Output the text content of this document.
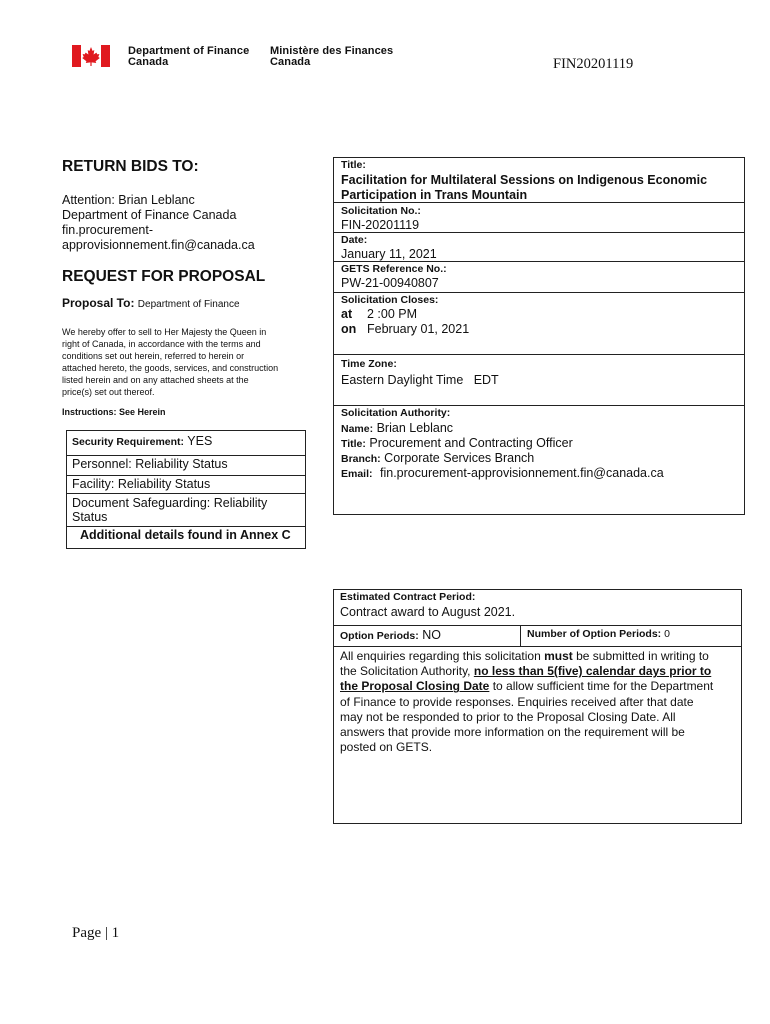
Department of Finance
Canada
Ministère des Finances
Canada	FIN20201119
RETURN BIDS TO:
Attention: Brian Leblanc
Department of Finance Canada
fin.procurement-
approvisionnement.fin@canada.ca
REQUEST FOR PROPOSAL
Proposal To: Department of Finance
We hereby offer to sell to Her Majesty the Queen in
right of Canada, in accordance with the terms and
conditions set out herein, referred to herein or
attached hereto, the goods, services, and construction
listed herein and on any attached sheets at the
price(s) set out thereof.
Instructions: See Herein
Security Requirement: YES
Personnel: Reliability Status
Facility: Reliability Status
Document Safeguarding: Reliability
Status
Additional details found in Annex C
Title:
Facilitation for Multilateral Sessions on Indigenous Economic
Participation in Trans Mountain
Solicitation No.:
FIN-20201119
Date:
January 11, 2021
GETS Reference No.:
PW-21-00940807
Solicitation Closes:
at 2 :00 PM
on February 01, 2021
Time Zone:
Eastern Daylight Time   EDT
Solicitation Authority:
Name: Brian Leblanc
Title: Procurement and Contracting Officer
Branch: Corporate Services Branch
Email: fin.procurement-approvisionnement.fin@canada.ca
Estimated Contract Period:
Contract award to August 2021.
Option Periods: NO	Number of Option Periods: 0
All enquiries regarding this solicitation must be submitted in writing to
the Solicitation Authority, no less than 5(five) calendar days prior to
the Proposal Closing Date to allow sufficient time for the Department
of Finance to provide responses. Enquiries received after that date
may not be responded to prior to the Proposal Closing Date. All
answers that provide more information on the requirement will be
posted on GETS.
Page | 1
